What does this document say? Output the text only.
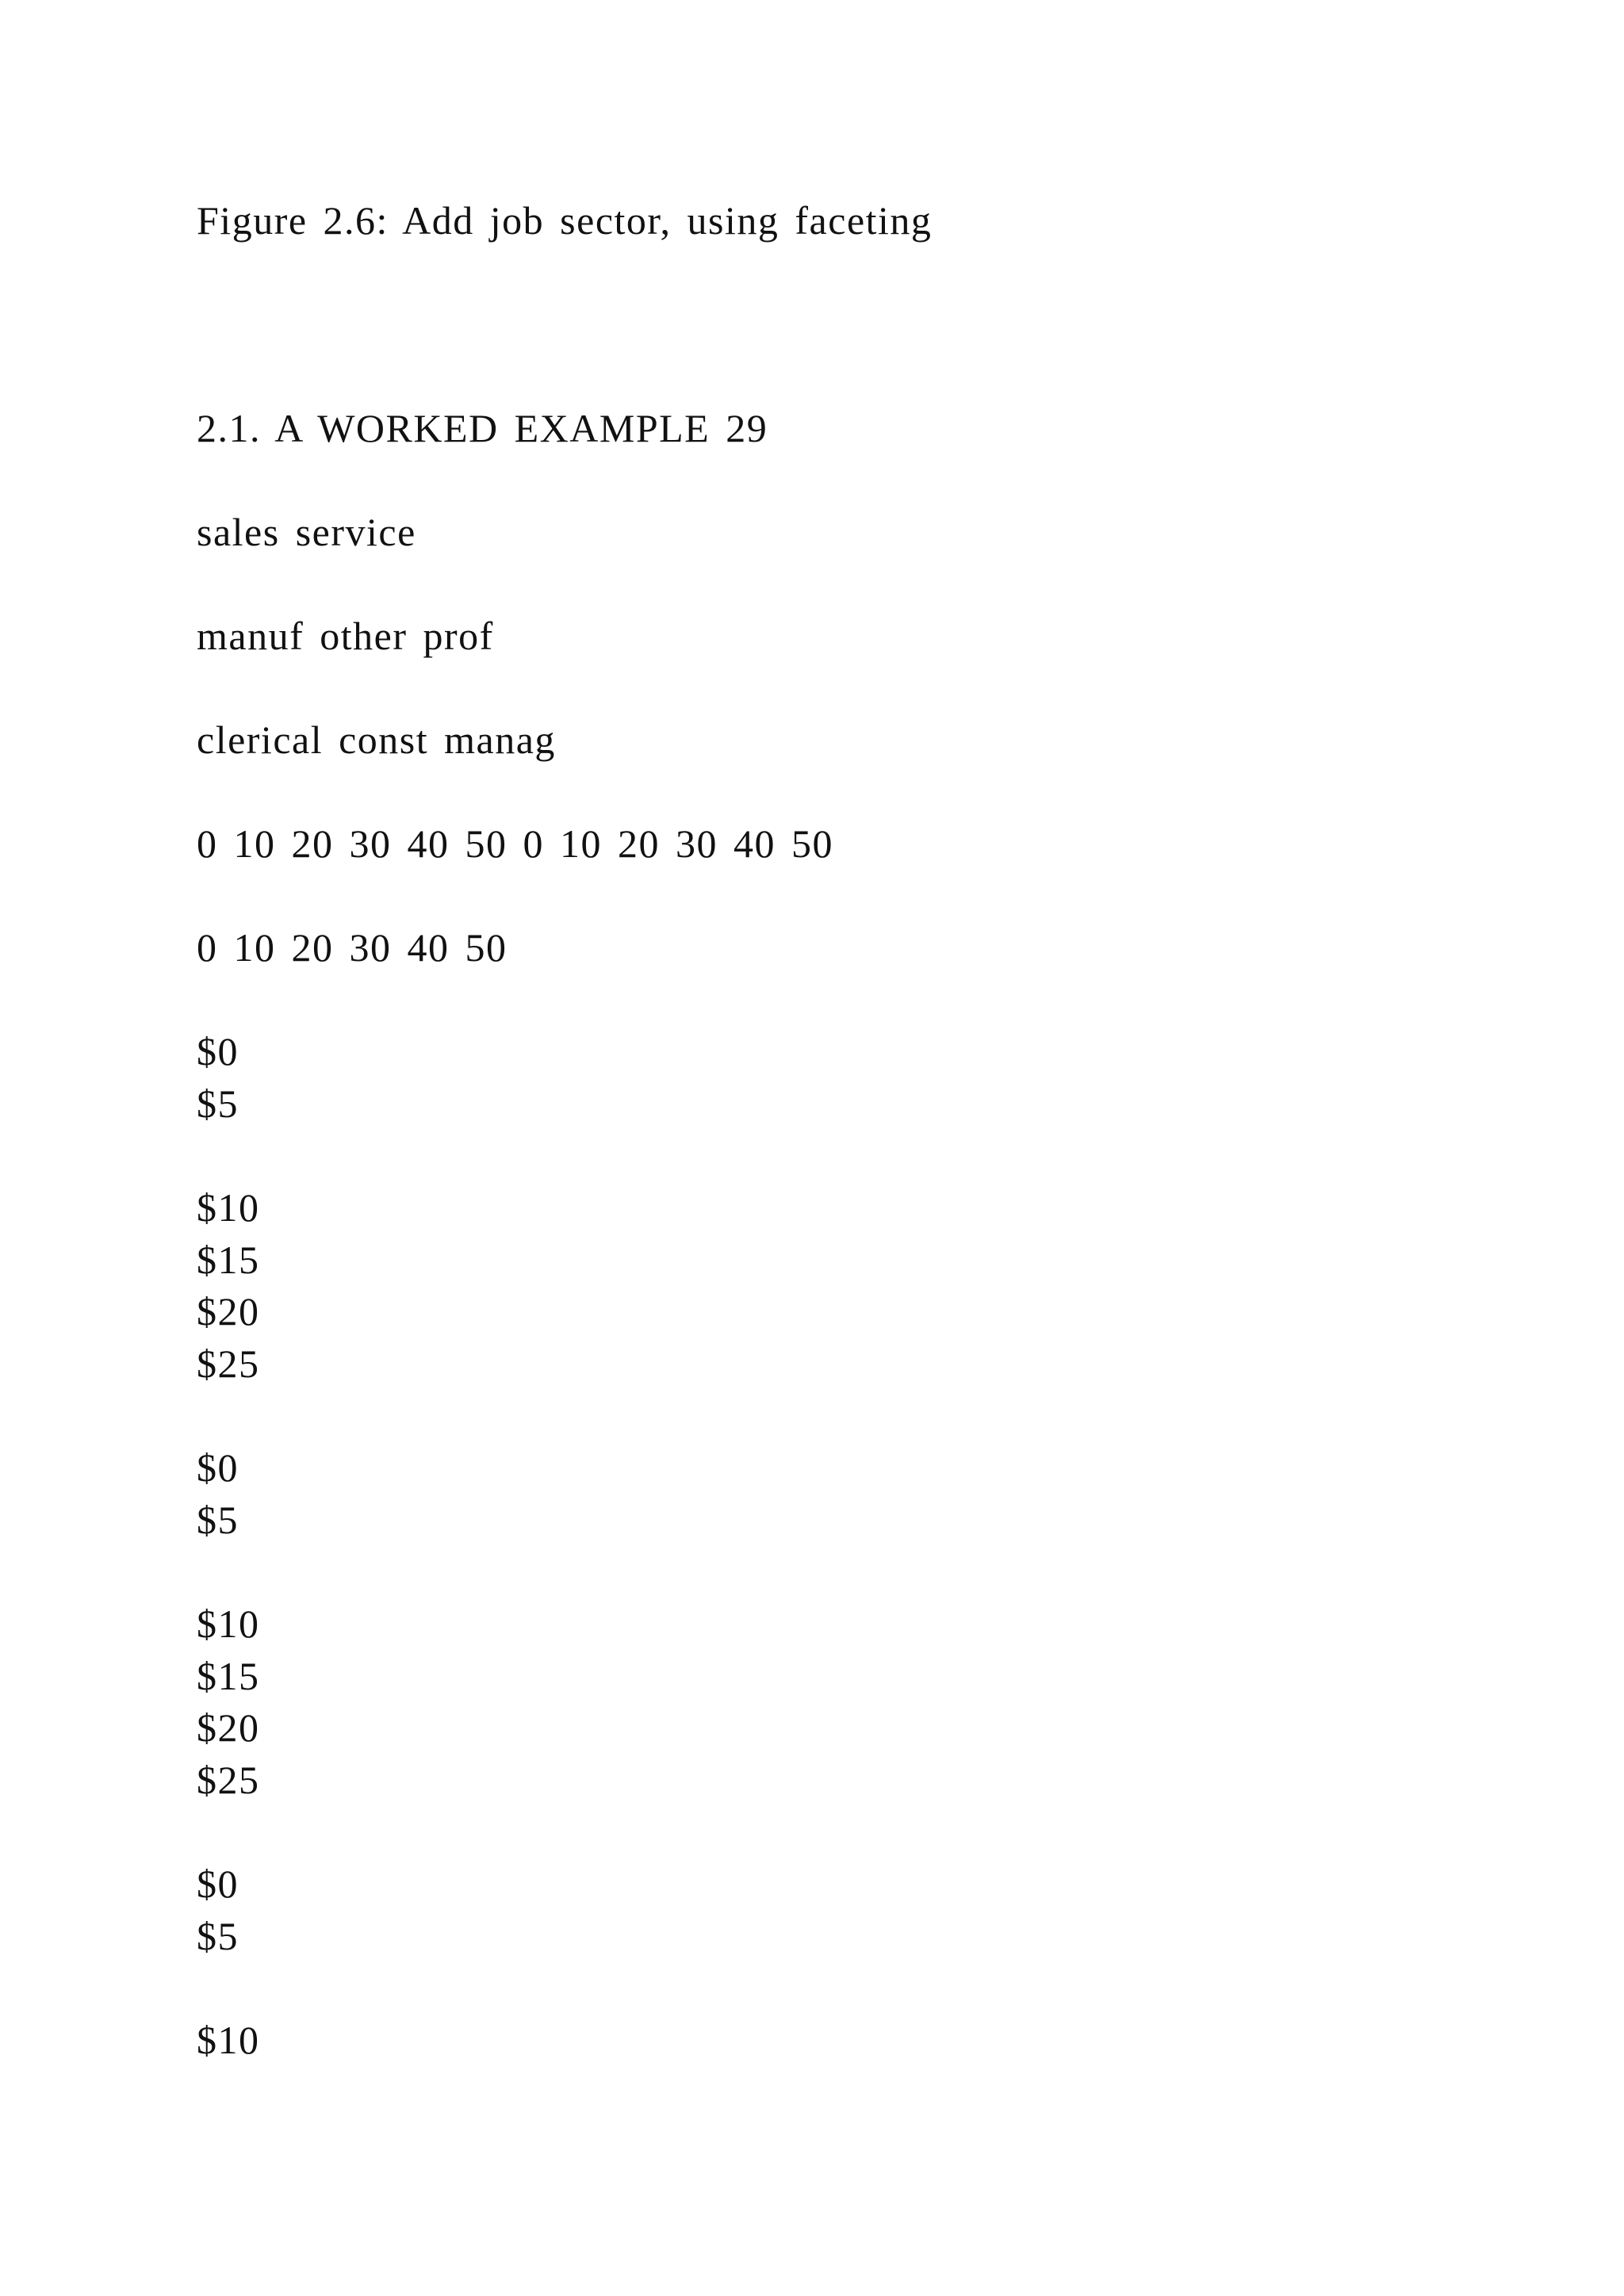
Figure 2.6: Add job sector, using faceting
2.1. A WORKED EXAMPLE 29
sales service
manuf other prof
clerical const manag
0 10 20 30 40 50 0 10 20 30 40 50
0 10 20 30 40 50
$0
$5
$10
$15
$20
$25
$0
$5
$10
$15
$20
$25
$0
$5
$10
